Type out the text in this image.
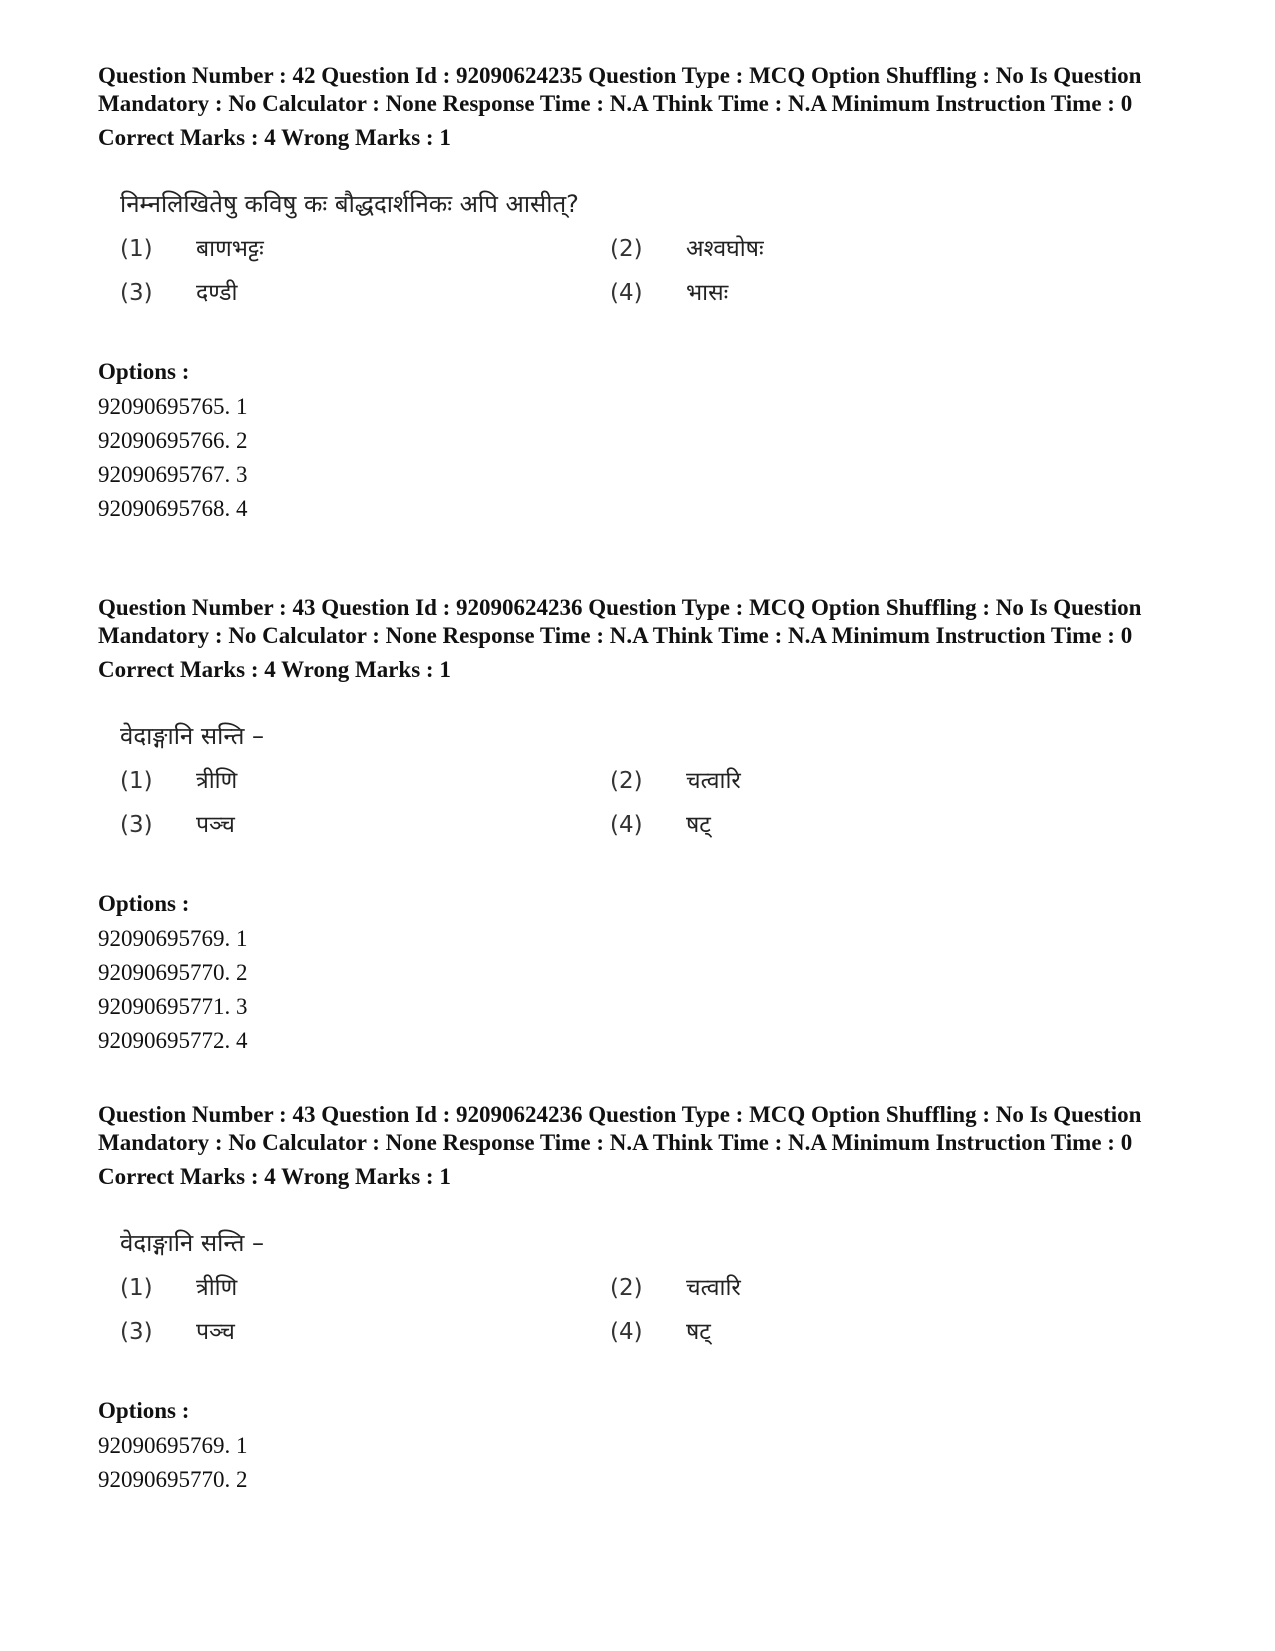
Question Number : 42 Question Id : 92090624235 Question Type : MCQ Option Shuffling : No Is Question Mandatory : No Calculator : None Response Time : N.A Think Time : N.A Minimum Instruction Time : 0

Correct Marks : 4 Wrong Marks : 1
निम्नलिखितेषु कविषु कः बौद्धदार्शनिकः अपि आसीत्?
(1) बाणभट्टः	(2) अश्वघोषः
(3) दण्डी	(4) भासः
Options :
92090695765. 1
92090695766. 2
92090695767. 3
92090695768. 4

Question Number : 43 Question Id : 92090624236 Question Type : MCQ Option Shuffling : No Is Question Mandatory : No Calculator : None Response Time : N.A Think Time : N.A Minimum Instruction Time : 0

Correct Marks : 4 Wrong Marks : 1
वेदाङ्गानि सन्ति –
(1) त्रीणि	(2) चत्वारि
(3) पञ्च	(4) षट्
Options :
92090695769. 1
92090695770. 2
92090695771. 3
92090695772. 4

Question Number : 43 Question Id : 92090624236 Question Type : MCQ Option Shuffling : No Is Question Mandatory : No Calculator : None Response Time : N.A Think Time : N.A Minimum Instruction Time : 0

Correct Marks : 4 Wrong Marks : 1
वेदाङ्गानि सन्ति –
(1) त्रीणि	(2) चत्वारि
(3) पञ्च	(4) षट्
Options :
92090695769. 1
92090695770. 2
